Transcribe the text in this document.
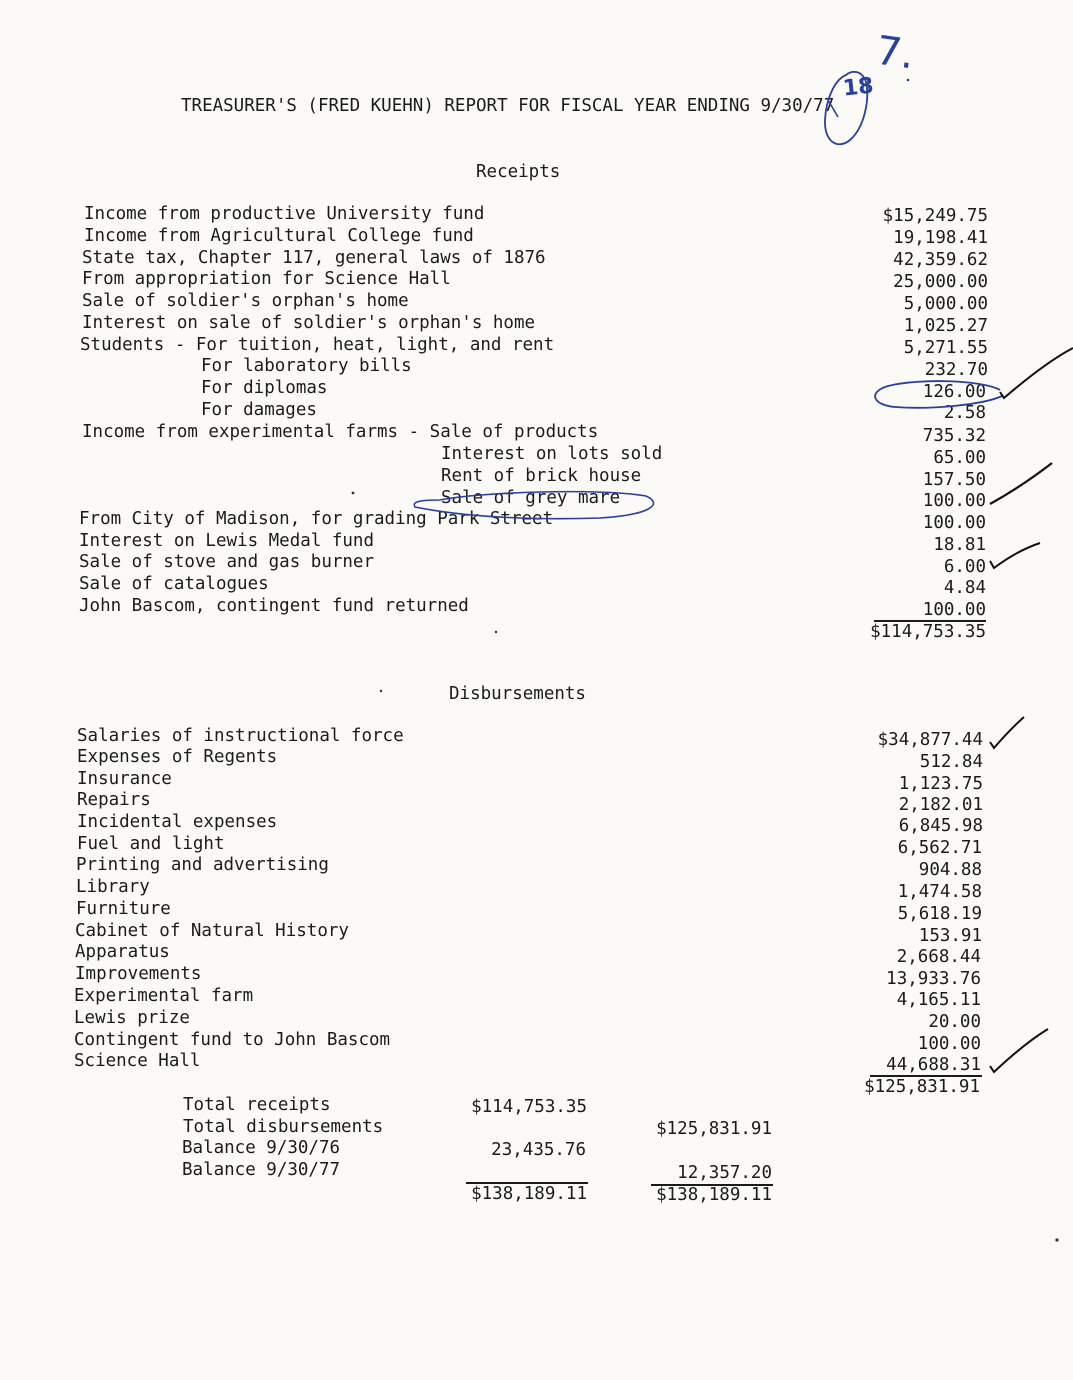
TREASURER'S (FRED KUEHN) REPORT FOR FISCAL YEAR ENDING 9/30/77
Receipts
Income from productive University fund
Income from Agricultural College fund
State tax, Chapter 117, general laws of 1876
From appropriation for Science Hall
Sale of soldier's orphan's home
Interest on sale of soldier's orphan's home
Students - For tuition, heat, light, and rent
For laboratory bills
For diplomas
For damages
Income from experimental farms - Sale of products
Interest on lots sold
Rent of brick house
Sale of grey mare
From City of Madison, for grading Park Street
Interest on Lewis Medal fund
Sale of stove and gas burner
Sale of catalogues
John Bascom, contingent fund returned
$15,249.75
19,198.41
42,359.62
25,000.00
5,000.00
1,025.27
5,271.55
232.70
126.00
2.58
735.32
65.00
157.50
100.00
100.00
18.81
6.00
4.84
100.00
$114,753.35
Disbursements
Salaries of instructional force
Expenses of Regents
Insurance
Repairs
Incidental expenses
Fuel and light
Printing and advertising
Library
Furniture
Cabinet of Natural History
Apparatus
Improvements
Experimental farm
Lewis prize
Contingent fund to John Bascom
Science Hall
$34,877.44
512.84
1,123.75
2,182.01
6,845.98
6,562.71
904.88
1,474.58
5,618.19
153.91
2,668.44
13,933.76
4,165.11
20.00
100.00
44,688.31
$125,831.91
Total receipts
Total disbursements
Balance 9/30/76
Balance 9/30/77
$114,753.35
$125,831.91
23,435.76
12,357.20
$138,189.11	$138,189.11
7.
18
